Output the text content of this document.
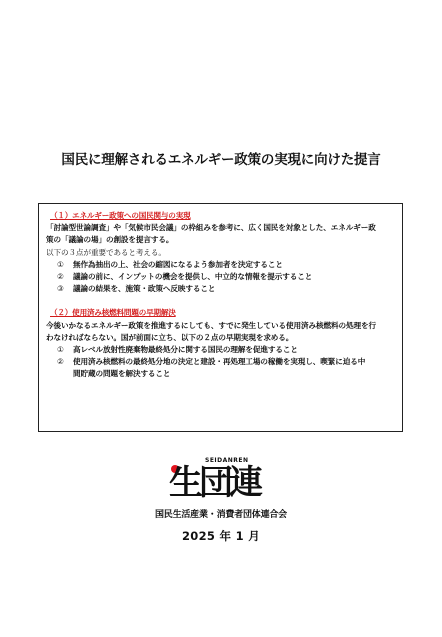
国民に理解されるエネルギー政策の実現に向けた提言
（１）エネルギー政策への国民関与の実現
「討論型世論調査」や「気候市民会議」の枠組みを参考に、広く国民を対象とした、エネルギー政
策の「議論の場」の創設を提言する。
以下の３点が重要であると考える。
①	無作為抽出の上、社会の縮図になるよう参加者を決定すること
②	議論の前に、インプットの機会を提供し、中立的な情報を提示すること
③	議論の結果を、施策・政策へ反映すること
（２）使用済み核燃料問題の早期解決
今後いかなるエネルギー政策を推進するにしても、すでに発生している使用済み核燃料の処理を行
わなければならない。国が前面に立ち、以下の２点の早期実現を求める。
①	高レベル放射性廃棄物最終処分に関する国民の理解を促進すること
②	使用済み核燃料の最終処分地の決定と建設・再処理工場の稼働を実現し、喫緊に迫る中
間貯蔵の問題を解決すること
SEIDANREN
生団連
国民生活産業・消費者団体連合会
2025 年 1 月
